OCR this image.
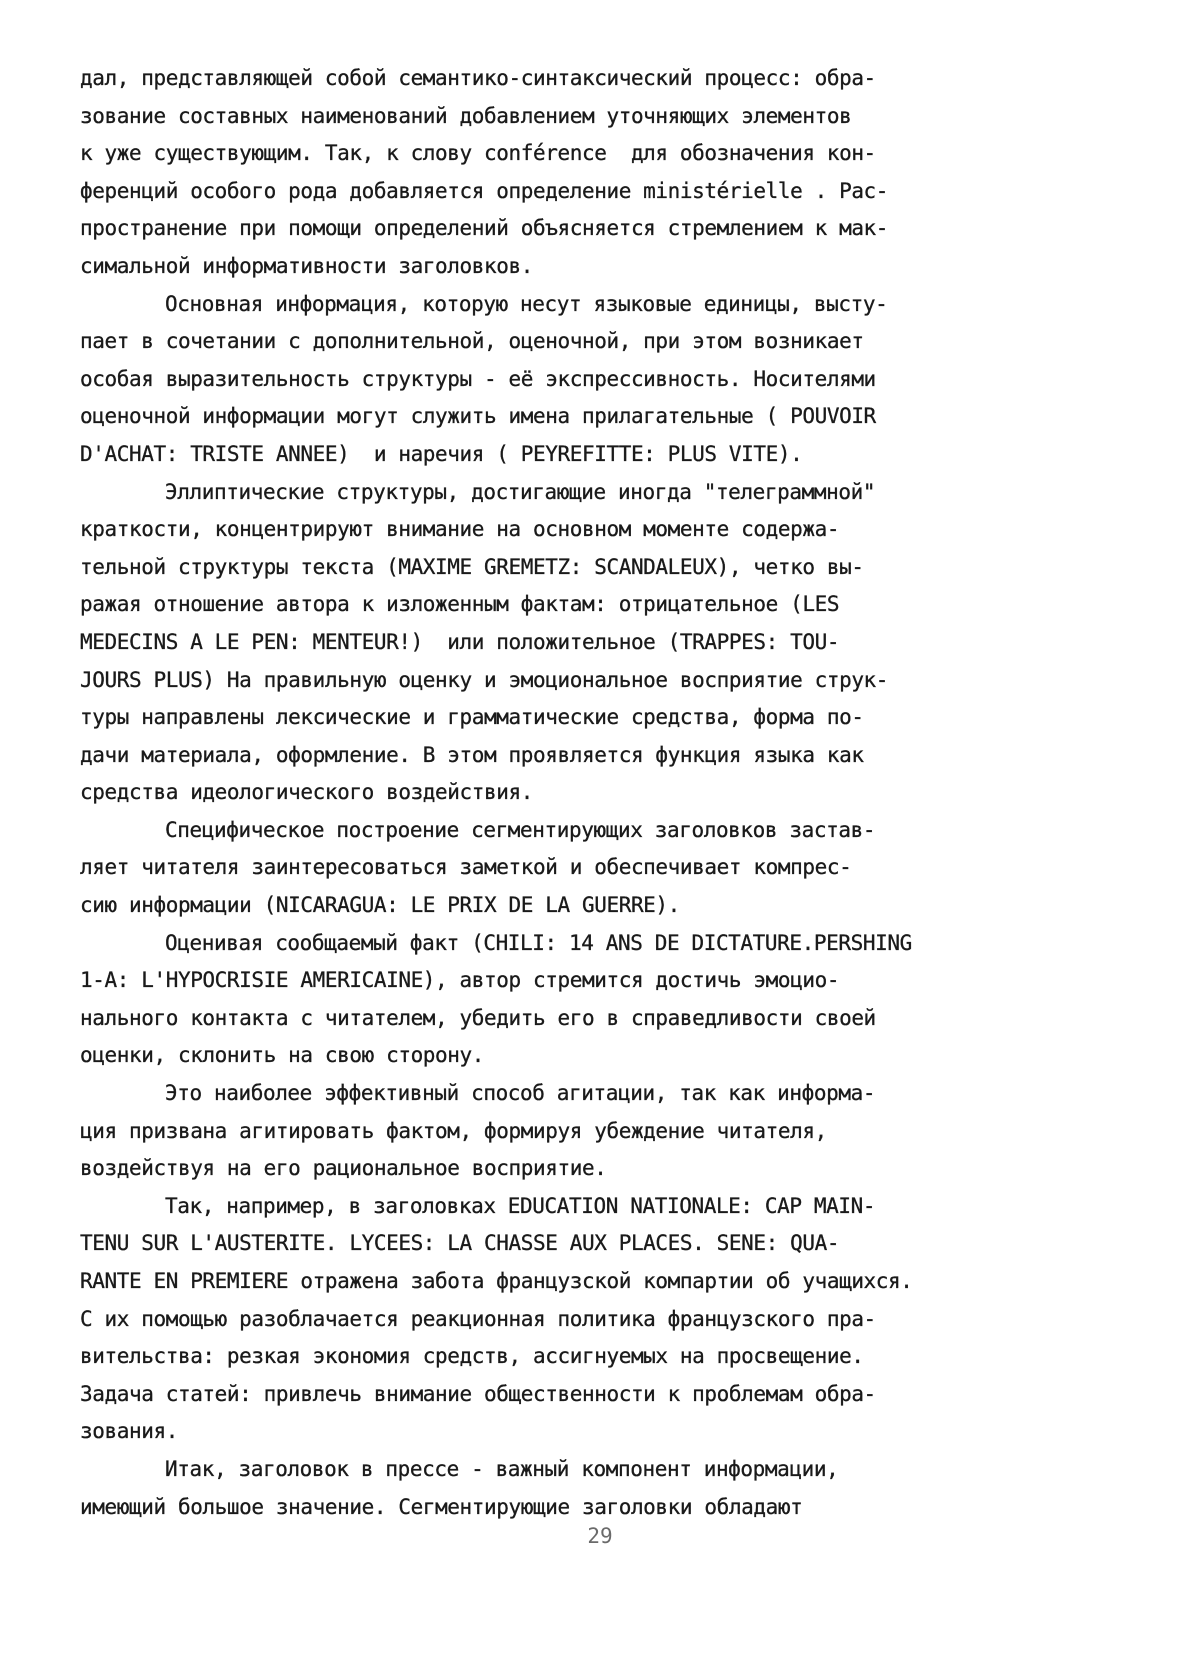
дал, представляющей собой семантико-синтаксический процесс: обра-
зование составных наименований добавлением уточняющих элементов
к уже существующим. Так, к слову conférence  для обозначения кон-
ференций особого рода добавляется определение ministérielle . Рас-
пространение при помощи определений объясняется стремлением к мак-
симальной информативности заголовков.
Основная информация, которую несут языковые единицы, высту-
пает в сочетании с дополнительной, оценочной, при этом возникает
особая выразительность структуры - её экспрессивность. Носителями
оценочной информации могут служить имена прилагательные ( POUVOIR
D'ACHAT: TRISTE ANNEE)  и наречия ( PEYREFITTE: PLUS VITE).
Эллиптические структуры, достигающие иногда "телеграммной"
краткости, концентрируют внимание на основном моменте содержа-
тельной структуры текста (MAXIME GREMETZ: SCANDALEUX), четко вы-
ражая отношение автора к изложенным фактам: отрицательное (LES
MEDECINS A LE PEN: MENTEUR!)  или положительное (TRAPPES: TOU-
JOURS PLUS) На правильную оценку и эмоциональное восприятие струк-
туры направлены лексические и грамматические средства, форма по-
дачи материала, оформление. В этом проявляется функция языка как
средства идеологического воздействия.
Специфическое построение сегментирующих заголовков застав-
ляет читателя заинтересоваться заметкой и обеспечивает компрес-
сию информации (NICARAGUA: LE PRIX DE LA GUERRE).
Оценивая сообщаемый факт (CHILI: 14 ANS DE DICTATURE.PERSHING
1-A: L'HYPOCRISIE AMERICAINE), автор стремится достичь эмоцио-
нального контакта с читателем, убедить его в справедливости своей
оценки, склонить на свою сторону.
Это наиболее эффективный способ агитации, так как информа-
ция призвана агитировать фактом, формируя убеждение читателя,
воздействуя на его рациональное восприятие.
Так, например, в заголовках EDUCATION NATIONALE: CAP MAIN-
TENU SUR L'AUSTERITE. LYCEES: LA CHASSE AUX PLACES. SENE: QUA-
RANTE EN PREMIERE отражена забота французской компартии об учащихся.
С их помощью разоблачается реакционная политика французского пра-
вительства: резкая экономия средств, ассигнуемых на просвещение.
Задача статей: привлечь внимание общественности к проблемам обра-
зования.
Итак, заголовок в прессе - важный компонент информации,
имеющий большое значение. Сегментирующие заголовки обладают
29
